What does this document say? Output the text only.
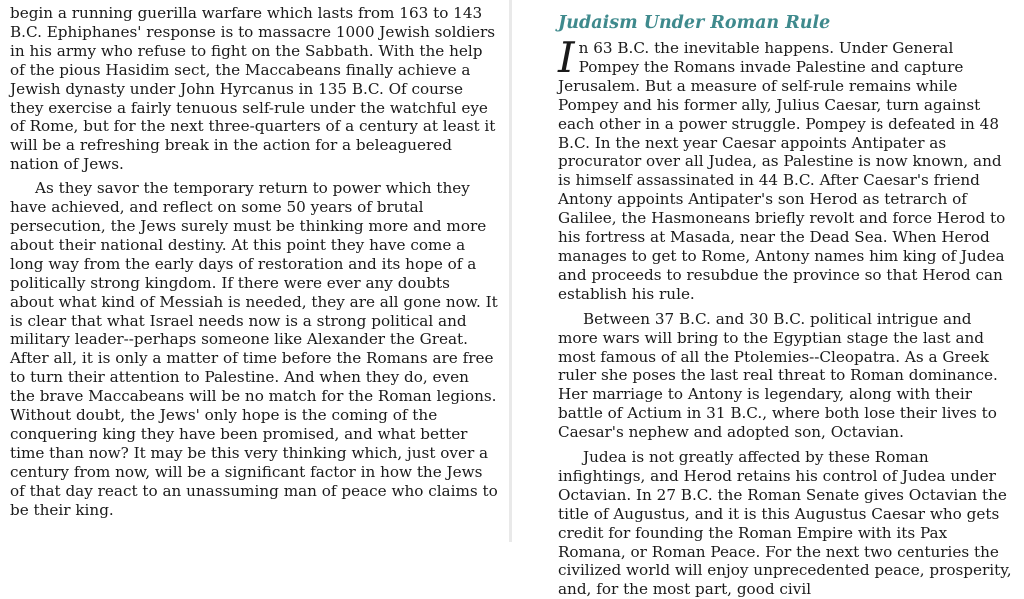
begin a running guerilla warfare which lasts from 163 to 143 B.C. Ephiphanes' response is to massacre 1000 Jewish soldiers in his army who refuse to fight on the Sabbath. With the help of the pious Hasidim sect, the Maccabeans finally achieve a Jewish dynasty under John Hyrcanus in 135 B.C. Of course they exercise a fairly tenuous self-rule under the watchful eye of Rome, but for the next three-quarters of a century at least it will be a refreshing break in the action for a beleaguered nation of Jews.

As they savor the temporary return to power which they have achieved, and reflect on some 50 years of brutal persecution, the Jews surely must be thinking more and more about their national destiny. At this point they have come a long way from the early days of restoration and its hope of a politically strong kingdom. If there were ever any doubts about what kind of Messiah is needed, they are all gone now. It is clear that what Israel needs now is a strong political and military leader--perhaps someone like Alexander the Great. After all, it is only a matter of time before the Romans are free to turn their attention to Palestine. And when they do, even the brave Maccabeans will be no match for the Roman legions. Without doubt, the Jews' only hope is the coming of the conquering king they have been promised, and what better time than now? It may be this very thinking which, just over a century from now, will be a significant factor in how the Jews of that day react to an unassuming man of peace who claims to be their king.

Judaism Under Roman Rule

In 63 B.C. the inevitable happens. Under General Pompey the Romans invade Palestine and capture Jerusalem. But a measure of self-rule remains while Pompey and his former ally, Julius Caesar, turn against each other in a power struggle. Pompey is defeated in 48 B.C. In the next year Caesar appoints Antipater as procurator over all Judea, as Palestine is now known, and is himself assassinated in 44 B.C. After Caesar's friend Antony appoints Antipater's son Herod as tetrarch of Galilee, the Hasmoneans briefly revolt and force Herod to his fortress at Masada, near the Dead Sea. When Herod manages to get to Rome, Antony names him king of Judea and proceeds to resubdue the province so that Herod can establish his rule.

Between 37 B.C. and 30 B.C. political intrigue and more wars will bring to the Egyptian stage the last and most famous of all the Ptolemies--Cleopatra. As a Greek ruler she poses the last real threat to Roman dominance. Her marriage to Antony is legendary, along with their battle of Actium in 31 B.C., where both lose their lives to Caesar's nephew and adopted son, Octavian.

Judea is not greatly affected by these Roman infightings, and Herod retains his control of Judea under Octavian. In 27 B.C. the Roman Senate gives Octavian the title of Augustus, and it is this Augustus Caesar who gets credit for founding the Roman Empire with its Pax Romana, or Roman Peace. For the next two centuries the civilized world will enjoy unprecedented peace, prosperity, and, for the most part, good civil
